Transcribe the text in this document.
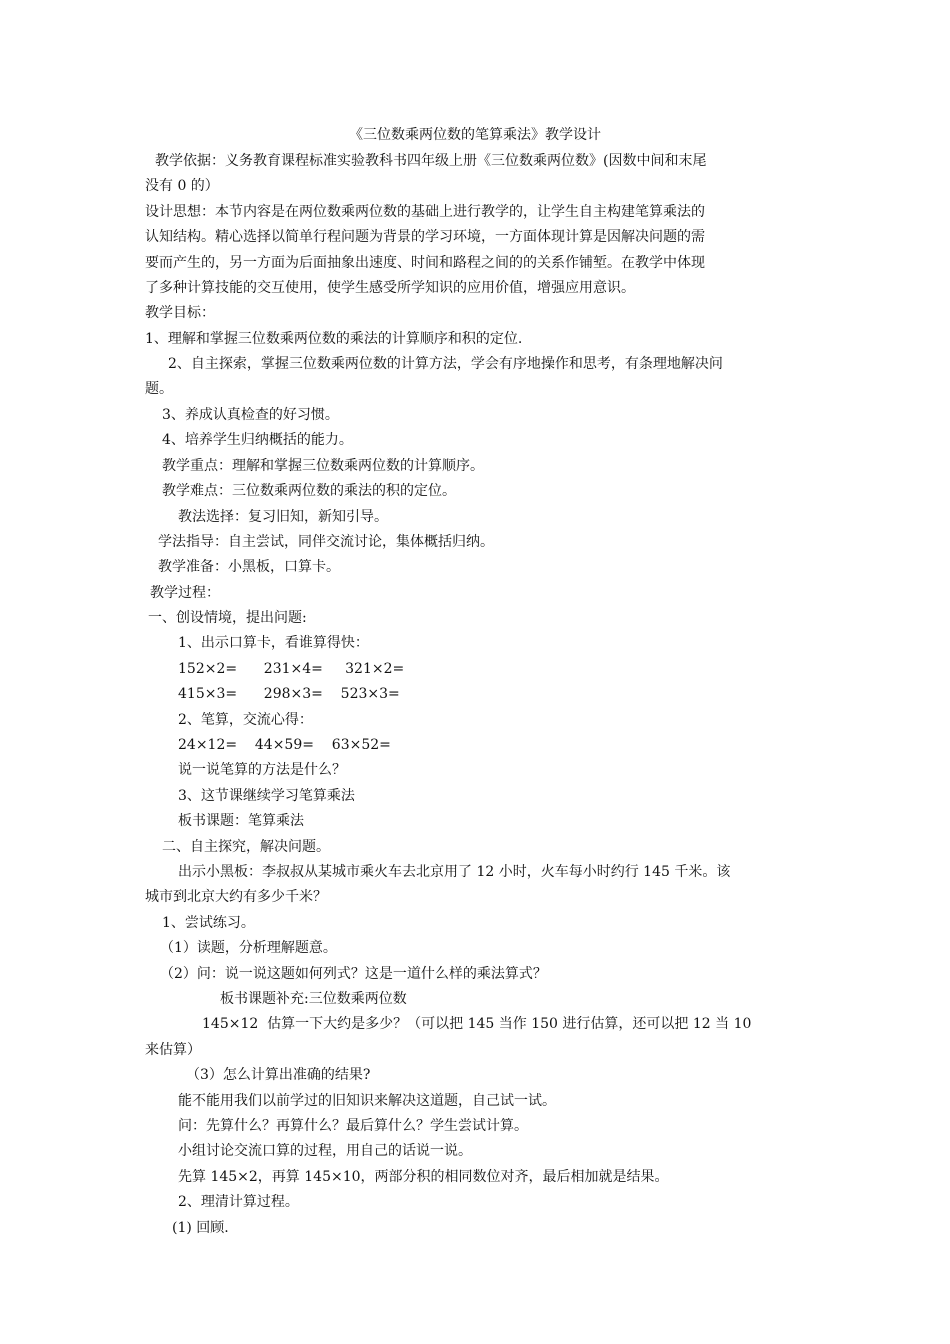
《三位数乘两位数的笔算乘法》教学设计
教学依据：义务教育课程标准实验教科书四年级上册《三位数乘两位数》(因数中间和末尾
没有 0 的）
设计思想：本节内容是在两位数乘两位数的基础上进行教学的，让学生自主构建笔算乘法的
认知结构。精心选择以简单行程问题为背景的学习环境，一方面体现计算是因解决问题的需
要而产生的，另一方面为后面抽象出速度、时间和路程之间的的关系作铺堑。在教学中体现
了多种计算技能的交互使用，使学生感受所学知识的应用价值，增强应用意识。
教学目标：
1、理解和掌握三位数乘两位数的乘法的计算顺序和积的定位.
2、自主探索，掌握三位数乘两位数的计算方法，学会有序地操作和思考，有条理地解决问
题。
3、养成认真检查的好习惯。
4、培养学生归纳概括的能力。
教学重点：理解和掌握三位数乘两位数的计算顺序。
教学难点：三位数乘两位数的乘法的积的定位。
教法选择：复习旧知，新知引导。
学法指导：自主尝试，同伴交流讨论，集体概括归纳。
教学准备：小黑板，口算卡。
教学过程：
一、创设情境，提出问题:
1、出示口算卡，看谁算得快：
152×2=      231×4=     321×2=
415×3=      298×3=    523×3=
2、笔算，交流心得：
24×12=    44×59=    63×52=
说一说笔算的方法是什么？
3、这节课继续学习笔算乘法
板书课题：笔算乘法
二、自主探究，解决问题。
出示小黑板：李叔叔从某城市乘火车去北京用了 12 小时，火车每小时约行 145 千米。该
城市到北京大约有多少千米？
1、尝试练习。
（1）读题，分析理解题意。
（2）问：说一说这题如何列式？这是一道什么样的乘法算式？
板书课题补充:三位数乘两位数
145×12  估算一下大约是多少？（可以把 145 当作 150 进行估算，还可以把 12 当 10
来估算）
（3）怎么计算出准确的结果?
能不能用我们以前学过的旧知识来解决这道题，自己试一试。
问：先算什么？再算什么？最后算什么？学生尝试计算。
小组讨论交流口算的过程，用自己的话说一说。
先算 145×2，再算 145×10，两部分积的相同数位对齐，最后相加就是结果。
2、理清计算过程。
(1) 回顾.
